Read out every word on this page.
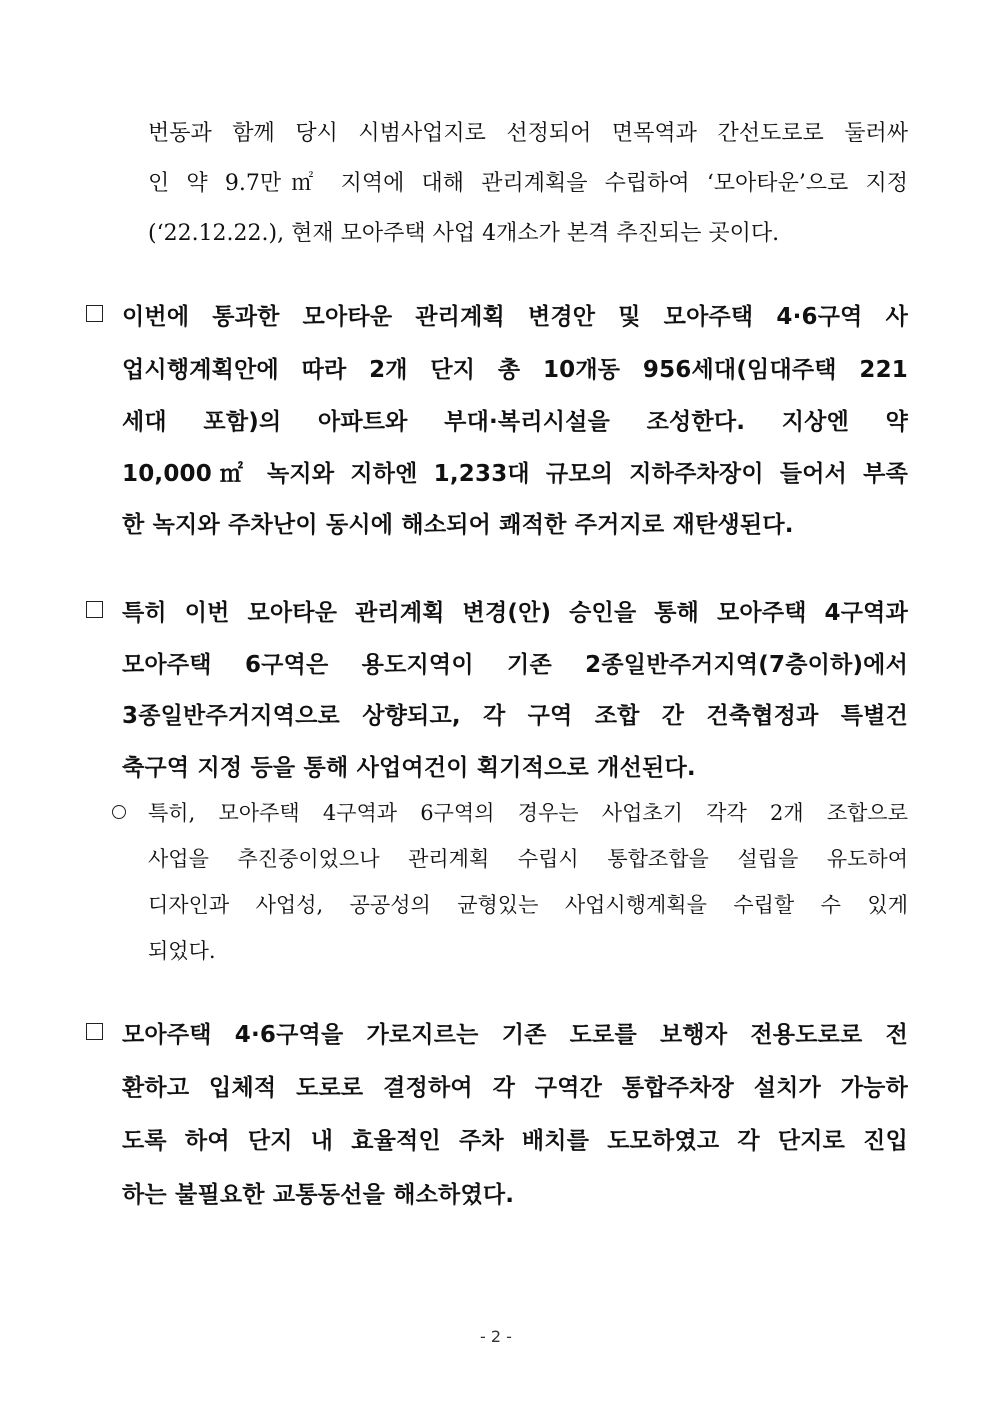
번동과 함께 당시 시범사업지로 선정되어 면목역과 간선도로로 둘러싸
인 약 9.7만㎡ 지역에 대해 관리계획을 수립하여 ‘모아타운’으로 지정
(‘22.12.22.), 현재 모아주택 사업 4개소가 본격 추진되는 곳이다.
이번에 통과한 모아타운 관리계획 변경안 및 모아주택 4·6구역 사
업시행계획안에 따라 2개 단지 총 10개동 956세대(임대주택 221
세대 포함)의 아파트와 부대·복리시설을 조성한다. 지상엔 약
10,000㎡ 녹지와 지하엔 1,233대 규모의 지하주차장이 들어서 부족
한 녹지와 주차난이 동시에 해소되어 쾌적한 주거지로 재탄생된다.
특히 이번 모아타운 관리계획 변경(안) 승인을 통해 모아주택 4구역과
모아주택 6구역은 용도지역이 기존 2종일반주거지역(7층이하)에서
3종일반주거지역으로 상향되고, 각 구역 조합 간 건축협정과 특별건
축구역 지정 등을 통해 사업여건이 획기적으로 개선된다.
특히, 모아주택 4구역과 6구역의 경우는 사업초기 각각 2개 조합으로
사업을 추진중이었으나 관리계획 수립시 통합조합을 설립을 유도하여
디자인과 사업성, 공공성의 균형있는 사업시행계획을 수립할 수 있게
되었다.
모아주택 4·6구역을 가로지르는 기존 도로를 보행자 전용도로로 전
환하고 입체적 도로로 결정하여 각 구역간 통합주차장 설치가 가능하
도록 하여 단지 내 효율적인 주차 배치를 도모하였고 각 단지로 진입
하는 불필요한 교통동선을 해소하였다.
- 2 -
